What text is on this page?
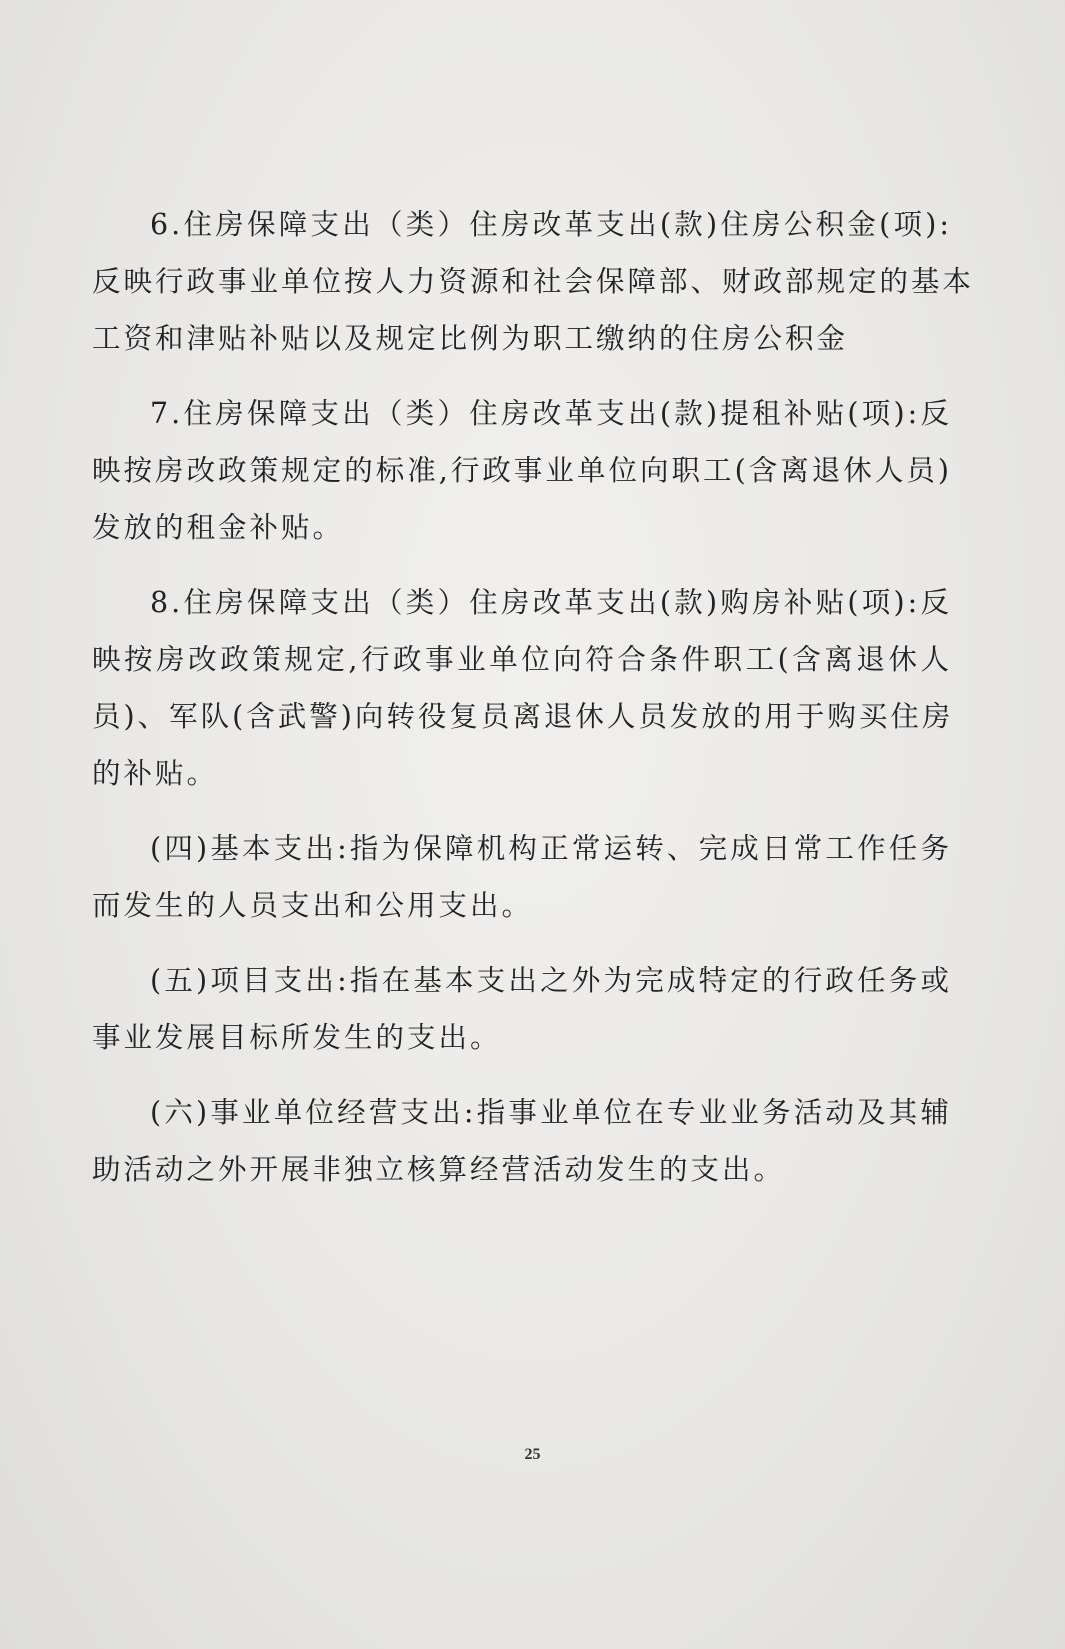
6.住房保障支出（类）住房改革支出(款)住房公积金(项):
反映行政事业单位按人力资源和社会保障部、财政部规定的基本
工资和津贴补贴以及规定比例为职工缴纳的住房公积金

7.住房保障支出（类）住房改革支出(款)提租补贴(项):反
映按房改政策规定的标准,行政事业单位向职工(含离退休人员)
发放的租金补贴。

8.住房保障支出（类）住房改革支出(款)购房补贴(项):反
映按房改政策规定,行政事业单位向符合条件职工(含离退休人
员)、军队(含武警)向转役复员离退休人员发放的用于购买住房
的补贴。

(四)基本支出:指为保障机构正常运转、完成日常工作任务
而发生的人员支出和公用支出。

(五)项目支出:指在基本支出之外为完成特定的行政任务或
事业发展目标所发生的支出。

(六)事业单位经营支出:指事业单位在专业业务活动及其辅
助活动之外开展非独立核算经营活动发生的支出。

25
